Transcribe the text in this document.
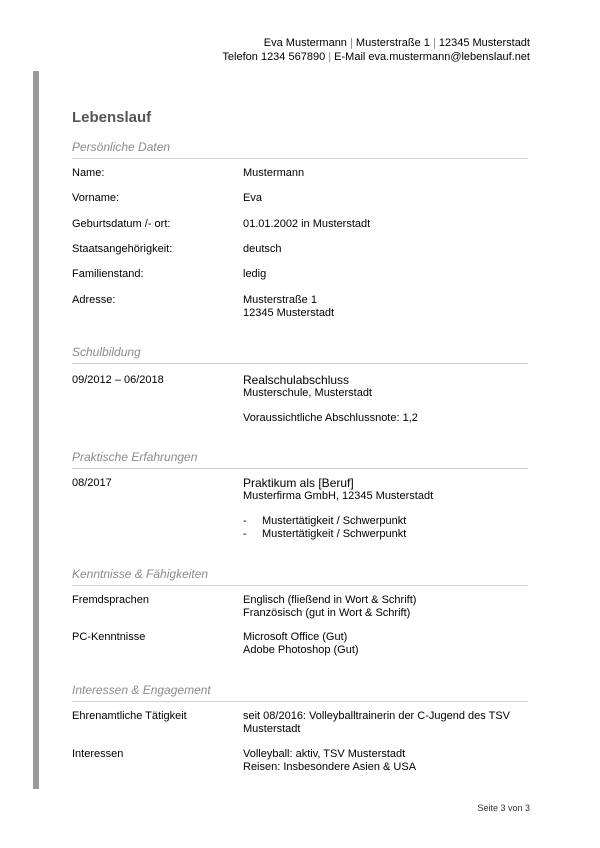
Eva Mustermann | Musterstraße 1 | 12345 Musterstadt
Telefon 1234 567890 | E-Mail eva.mustermann@lebenslauf.net
Lebenslauf
Persönliche Daten
Name:	Mustermann
Vorname:	Eva
Geburtsdatum /- ort:	01.01.2002 in Musterstadt
Staatsangehörigkeit:	deutsch
Familienstand:	ledig
Adresse:	Musterstraße 1
12345 Musterstadt
Schulbildung
09/2012 – 06/2018	Realschulabschluss
Musterschule, Musterstadt
Voraussichtliche Abschlussnote: 1,2
Praktische Erfahrungen
08/2017	Praktikum als [Beruf]
Musterfirma GmbH, 12345 Musterstadt
- Mustertätigkeit / Schwerpunkt
- Mustertätigkeit / Schwerpunkt
Kenntnisse & Fähigkeiten
Fremdsprachen	Englisch (fließend in Wort & Schrift)
Französisch (gut in Wort & Schrift)
PC-Kenntnisse	Microsoft Office (Gut)
Adobe Photoshop (Gut)
Interessen & Engagement
Ehrenamtliche Tätigkeit	seit 08/2016: Volleyballtrainerin der C-Jugend des TSV
Musterstadt
Interessen	Volleyball: aktiv, TSV Musterstadt
Reisen: Insbesondere Asien & USA
Seite 3 von 3
